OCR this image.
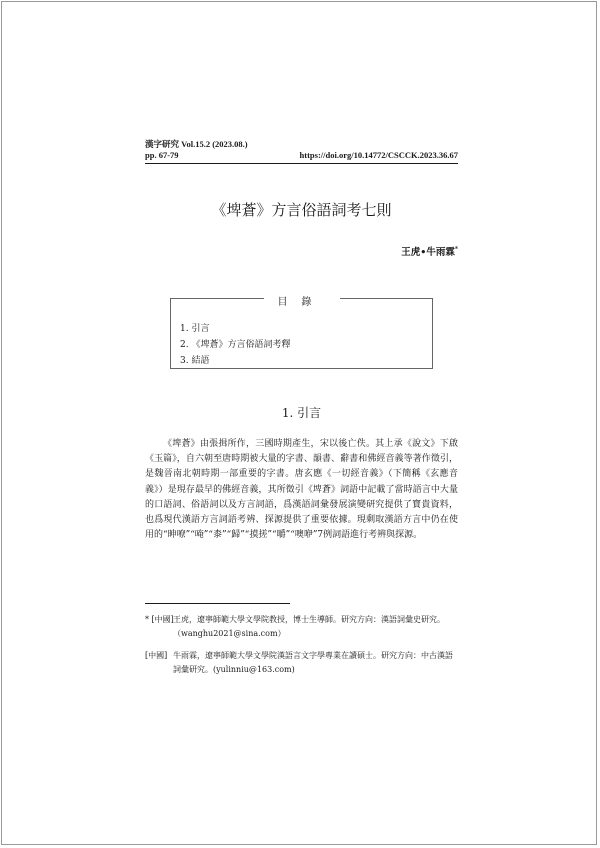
漢字研究 Vol.15.2 (2023.08.)
pp. 67-79	https://doi.org/10.14772/CSCCK.2023.36.67
《埤蒼》方言俗語詞考七則
王虎•牛雨霖*
目錄
1. 引言
2. 《埤蒼》方言俗語詞考釋
3. 結語
1. 引言

《埤蒼》由張揖所作，三國時期產生，宋以後亡佚。其上承《說文》下啟《玉篇》，自六朝至唐時期被大量的字書、韻書、辭書和佛經音義等著作徵引，是魏晉南北朝時期一部重要的字書。唐玄應《一切經音義》（下簡稱《玄應音義》）是現存最早的佛經音義，其所徵引《埤蒼》詞語中記載了當時語言中大量的口語詞、俗語詞以及方言詞語，爲漢語詞彙發展演變研究提供了寶貴資料，也爲現代漢語方言詞語考辨、探源提供了重要依據。現剩取漢語方言中仍在使用的“眒嘹”“唵”“桼”“歸”“摸搓”“嚼”“噢咿”7例詞語進行考辨與探源。

* [中國] 王虎，遼寧師範大學文學院教授，博士生導師。研究方向：漢語詞彙史研究。（wanghu2021@sina.com）
[中國] 牛雨霖，遼寧師範大學文學院漢語言文字學專業在讀碩士。研究方向：中古漢語詞彙研究。(yulinniu@163.com)
